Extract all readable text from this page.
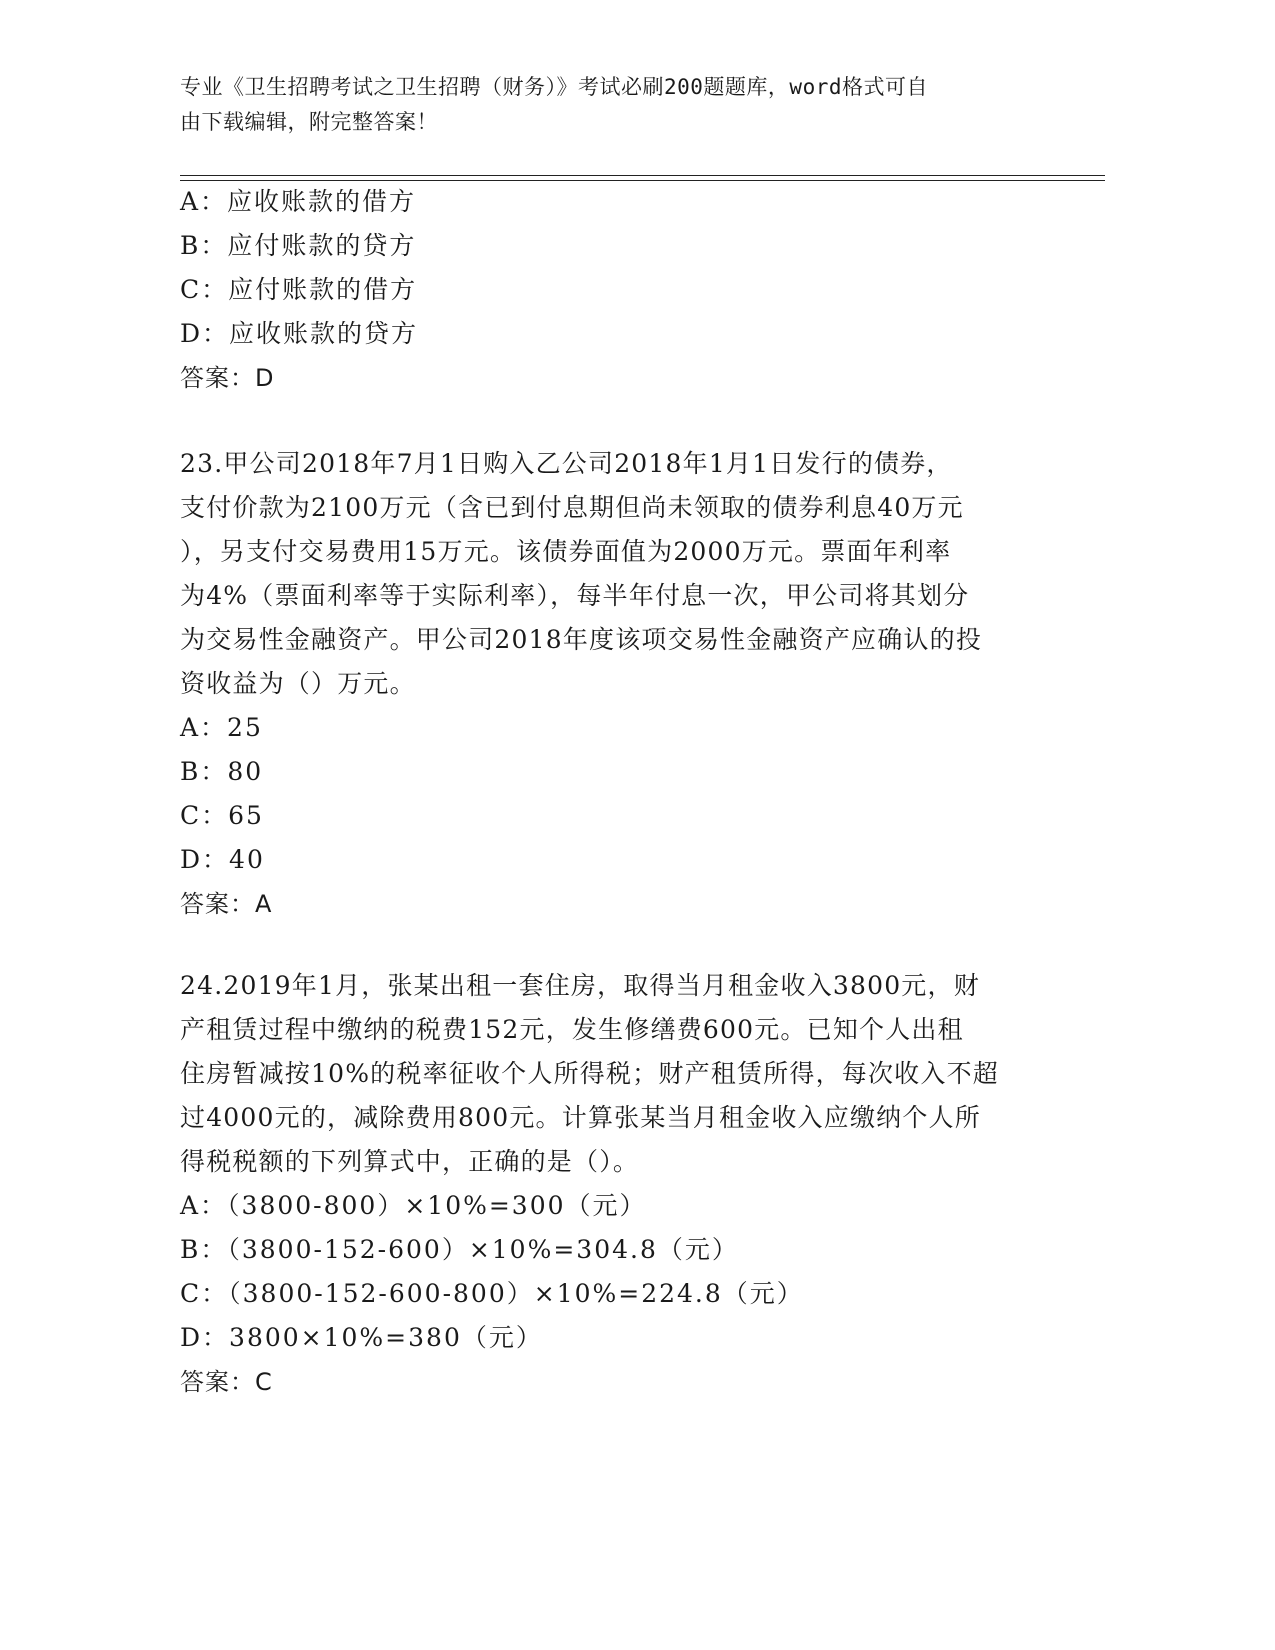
专业《卫生招聘考试之卫生招聘（财务）》考试必刷200题题库，word格式可自
由下载编辑，附完整答案！
A：应收账款的借方
B：应付账款的贷方
C：应付账款的借方
D：应收账款的贷方
答案：D
23.甲公司2018年7月1日购入乙公司2018年1月1日发行的债券，
支付价款为2100万元（含已到付息期但尚未领取的债券利息40万元
），另支付交易费用15万元。该债券面值为2000万元。票面年利率
为4%（票面利率等于实际利率），每半年付息一次，甲公司将其划分
为交易性金融资产。甲公司2018年度该项交易性金融资产应确认的投
资收益为（）万元。
A：25
B：80
C：65
D：40
答案：A
24.2019年1月，张某出租一套住房，取得当月租金收入3800元，财
产租赁过程中缴纳的税费152元，发生修缮费600元。已知个人出租
住房暂减按10%的税率征收个人所得税；财产租赁所得，每次收入不超
过4000元的，减除费用800元。计算张某当月租金收入应缴纳个人所
得税税额的下列算式中，正确的是（）。
A：（3800-800）×10%=300（元）
B：（3800-152-600）×10%=304.8（元）
C：（3800-152-600-800）×10%=224.8（元）
D：3800×10%=380（元）
答案：C
